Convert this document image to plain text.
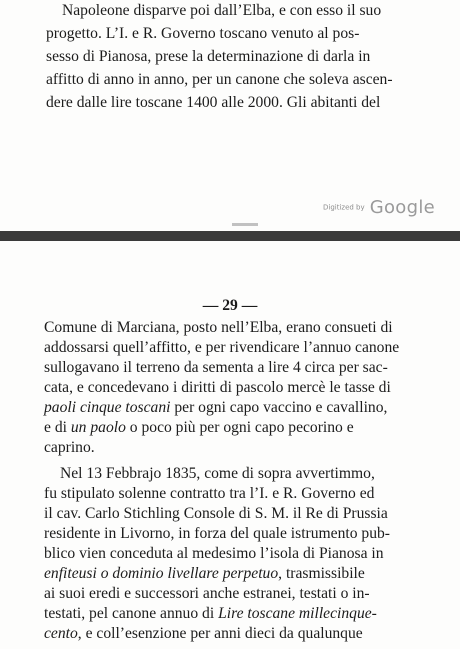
Napoleone disparve poi dall’Elba, e con esso il suo
progetto. L’I. e R. Governo toscano venuto al pos-
sesso di Pianosa, prese la determinazione di darla in
affitto di anno in anno, per un canone che soleva ascen-
dere dalle lire toscane 1400 alle 2000. Gli abitanti del
Digitized by Google
— 29 —
Comune di Marciana, posto nell’Elba, erano consueti di
addossarsi quell’affitto, e per rivendicare l’annuo canone
sullogavano il terreno da sementa a lire 4 circa per sac-
cata, e concedevano i diritti di pascolo mercè le tasse di
paoli cinque toscani per ogni capo vaccino e cavallino,
e di un paolo o poco più per ogni capo pecorino e
caprino.
Nel 13 Febbrajo 1835, come di sopra avvertimmo,
fu stipulato solenne contratto tra l’I. e R. Governo ed
il cav. Carlo Stichling Console di S. M. il Re di Prussia
residente in Livorno, in forza del quale istrumento pub-
blico vien conceduta al medesimo l’isola di Pianosa in
enfiteusi o dominio livellare perpetuo, trasmissibile
ai suoi eredi e successori anche estranei, testati o in-
testati, pel canone annuo di Lire toscane millecinque-
cento, e coll’esenzione per anni dieci da qualunque
